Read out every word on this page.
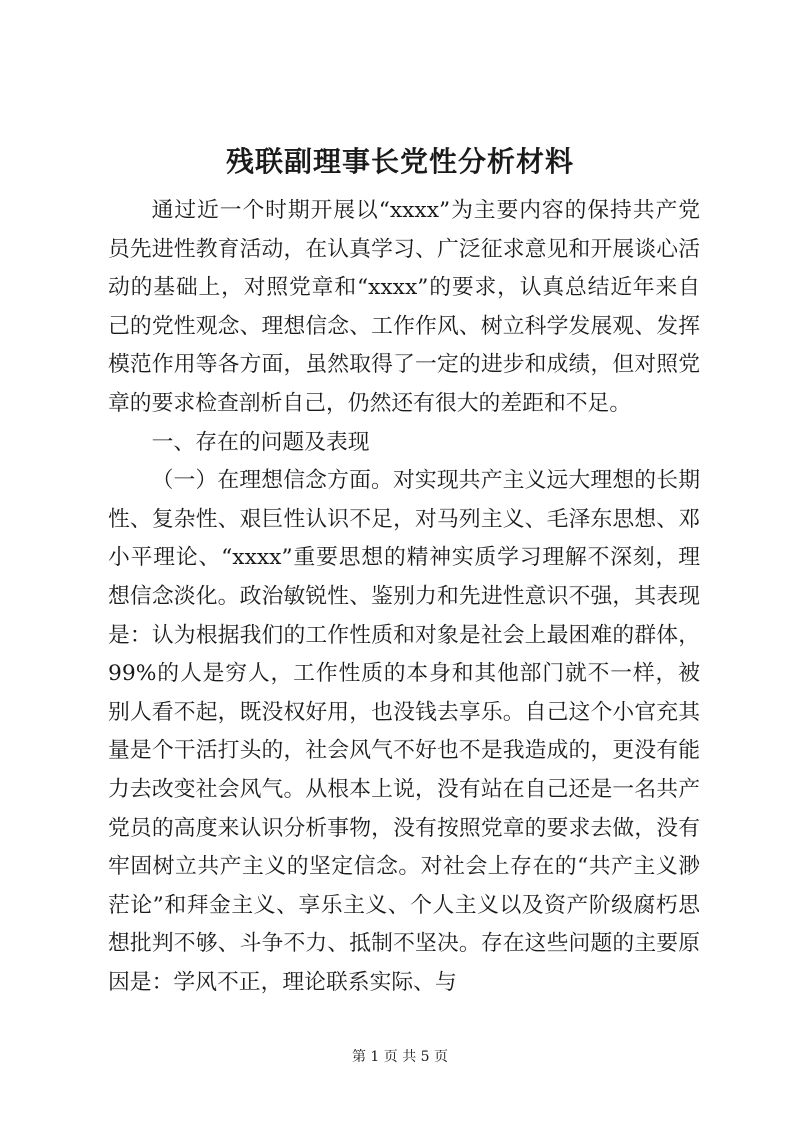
残联副理事长党性分析材料

通过近一个时期开展以“xxxx”为主要内容的保持共产党员先进性教育活动，在认真学习、广泛征求意见和开展谈心活动的基础上，对照党章和“xxxx”的要求，认真总结近年来自己的党性观念、理想信念、工作作风、树立科学发展观、发挥模范作用等各方面，虽然取得了一定的进步和成绩，但对照党章的要求检查剖析自己，仍然还有很大的差距和不足。

一、存在的问题及表现

（一）在理想信念方面。对实现共产主义远大理想的长期性、复杂性、艰巨性认识不足，对马列主义、毛泽东思想、邓小平理论、“xxxx”重要思想的精神实质学习理解不深刻，理想信念淡化。政治敏锐性、鉴别力和先进性意识不强，其表现是：认为根据我们的工作性质和对象是社会上最困难的群体，99%的人是穷人，工作性质的本身和其他部门就不一样，被别人看不起，既没权好用，也没钱去享乐。自己这个小官充其量是个干活打头的，社会风气不好也不是我造成的，更没有能力去改变社会风气。从根本上说，没有站在自己还是一名共产党员的高度来认识分析事物，没有按照党章的要求去做，没有牢固树立共产主义的坚定信念。对社会上存在的“共产主义渺茫论”和拜金主义、享乐主义、个人主义以及资产阶级腐朽思想批判不够、斗争不力、抵制不坚决。存在这些问题的主要原因是：学风不正，理论联系实际、与

第 1 页 共 5 页
